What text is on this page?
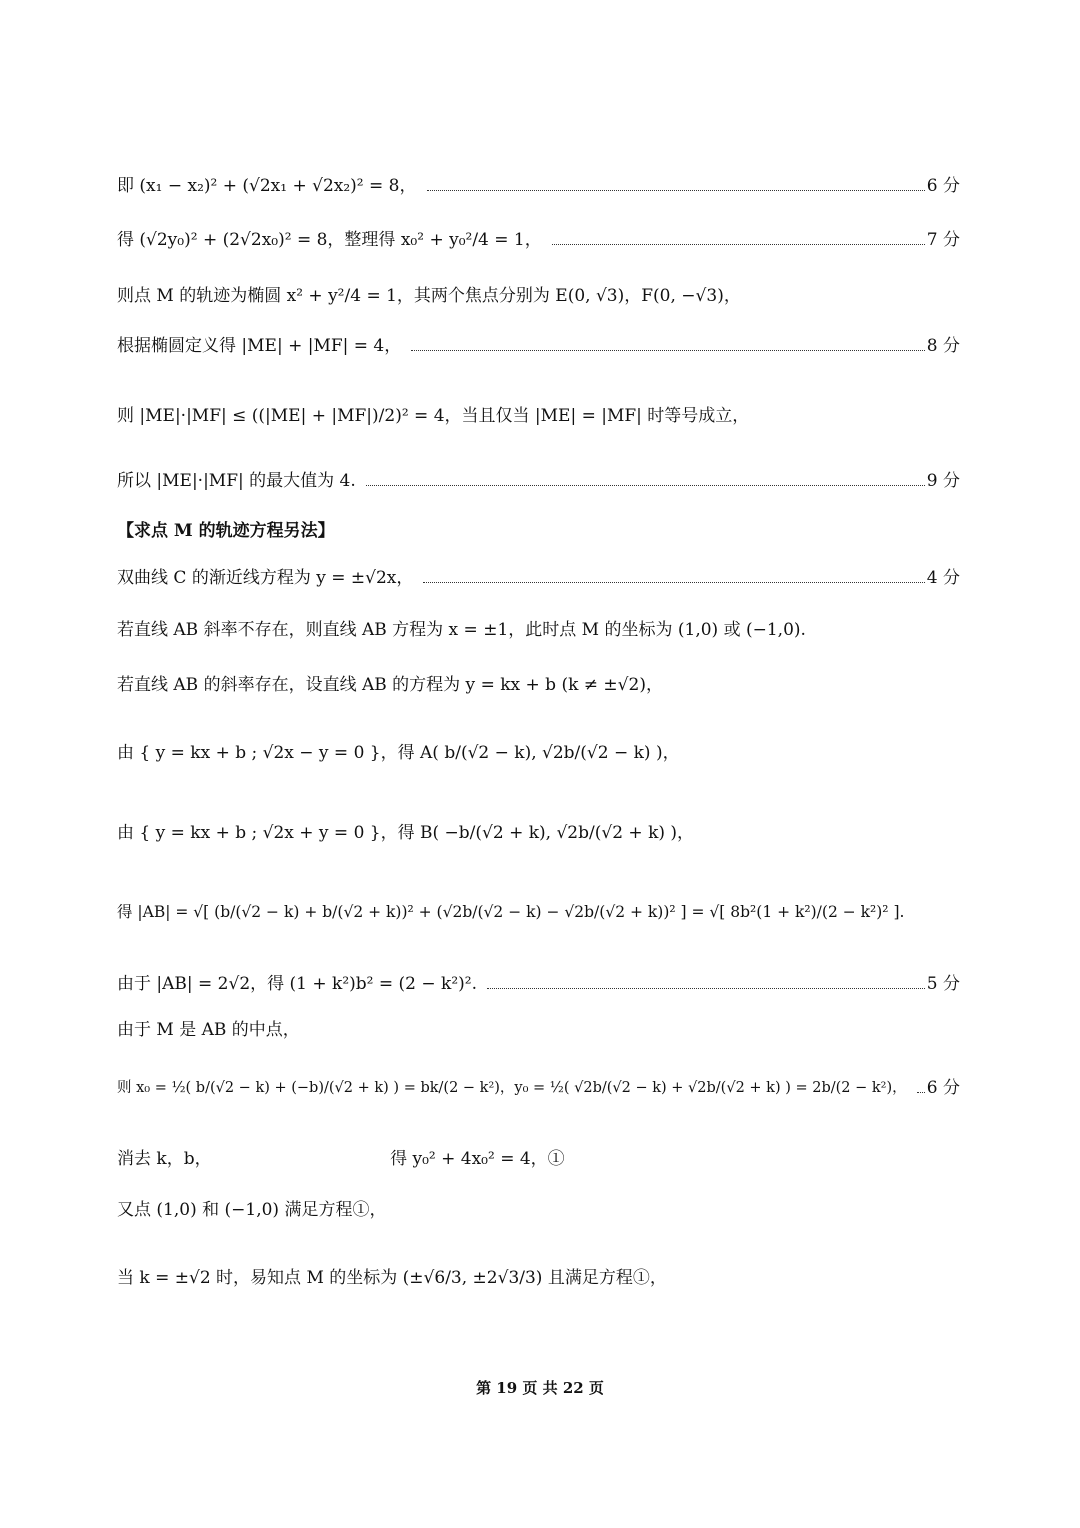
即 (x₁ − x₂)² + (√2x₁ + √2x₂)² = 8，	6 分
得 (√2y₀)² + (2√2x₀)² = 8，整理得 x₀² + y₀²/4 = 1，	7 分
则点 M 的轨迹为椭圆 x² + y²/4 = 1，其两个焦点分别为 E(0, √3)，F(0, −√3)，
根据椭圆定义得 |ME| + |MF| = 4，	8 分
则 |ME|·|MF| ≤ ((|ME| + |MF|)/2)² = 4，当且仅当 |ME| = |MF| 时等号成立，
所以 |ME|·|MF| 的最大值为 4.	9 分
【求点 M 的轨迹方程另法】
双曲线 C 的渐近线方程为 y = ±√2x，	4 分
若直线 AB 斜率不存在，则直线 AB 方程为 x = ±1，此时点 M 的坐标为 (1,0) 或 (−1,0).
若直线 AB 的斜率存在，设直线 AB 的方程为 y = kx + b (k ≠ ±√2)，
由 { y = kx + b ; √2x − y = 0 }，得 A( b/(√2 − k), √2b/(√2 − k) )，
由 { y = kx + b ; √2x + y = 0 }，得 B( −b/(√2 + k), √2b/(√2 + k) )，
得 |AB| = √[ (b/(√2 − k) + b/(√2 + k))² + (√2b/(√2 − k) − √2b/(√2 + k))² ] = √[ 8b²(1 + k²)/(2 − k²)² ].
由于 |AB| = 2√2，得 (1 + k²)b² = (2 − k²)².	5 分
由于 M 是 AB 的中点，
则 x₀ = ½( b/(√2 − k) + (−b)/(√2 + k) ) = bk/(2 − k²)，y₀ = ½( √2b/(√2 − k) + √2b/(√2 + k) ) = 2b/(2 − k²)， 6 分
消去 k，b，　　　　　　　　　　　得 y₀² + 4x₀² = 4，①
又点 (1,0) 和 (−1,0) 满足方程①，
当 k = ±√2 时，易知点 M 的坐标为 (±√6/3, ±2√3/3) 且满足方程①，
第 19 页 共 22 页
